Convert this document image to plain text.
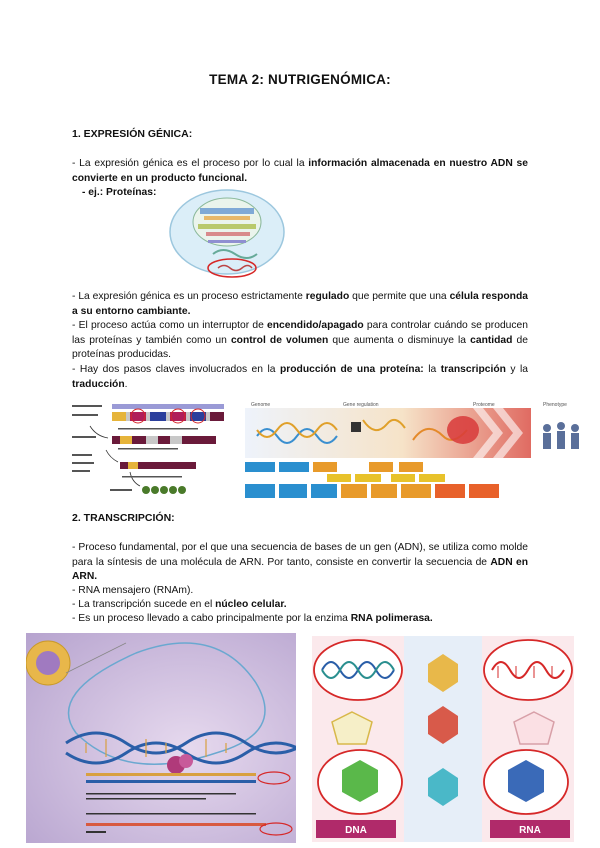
TEMA 2: NUTRIGENÓMICA:
1. EXPRESIÓN GÉNICA:
- La expresión génica es el proceso por lo cual la información almacenada en nuestro ADN se convierte en un producto funcional.
- ej.: Proteínas:
- La expresión génica es un proceso estrictamente regulado que permite que una célula responda a su entorno cambiante.
- El proceso actúa como un interruptor de encendido/apagado para controlar cuándo se producen las proteínas y también como un control de volumen que aumenta o disminuye la cantidad de proteínas producidas.
- Hay dos pasos claves involucrados en la producción de una proteína: la transcripción y la traducción.
Genome	Gene regulation	Proteome	Phenotype
2. TRANSCRIPCIÓN:
- Proceso fundamental, por el que una secuencia de bases de un gen (ADN), se utiliza como molde para la síntesis de una molécula de ARN. Por tanto, consiste en convertir la secuencia de ADN en ARN.
- RNA mensajero (RNAm).
- La transcripción sucede en el núcleo celular.
- Es un proceso llevado a cabo principalmente por la enzima RNA polimerasa.
DNA	RNA
